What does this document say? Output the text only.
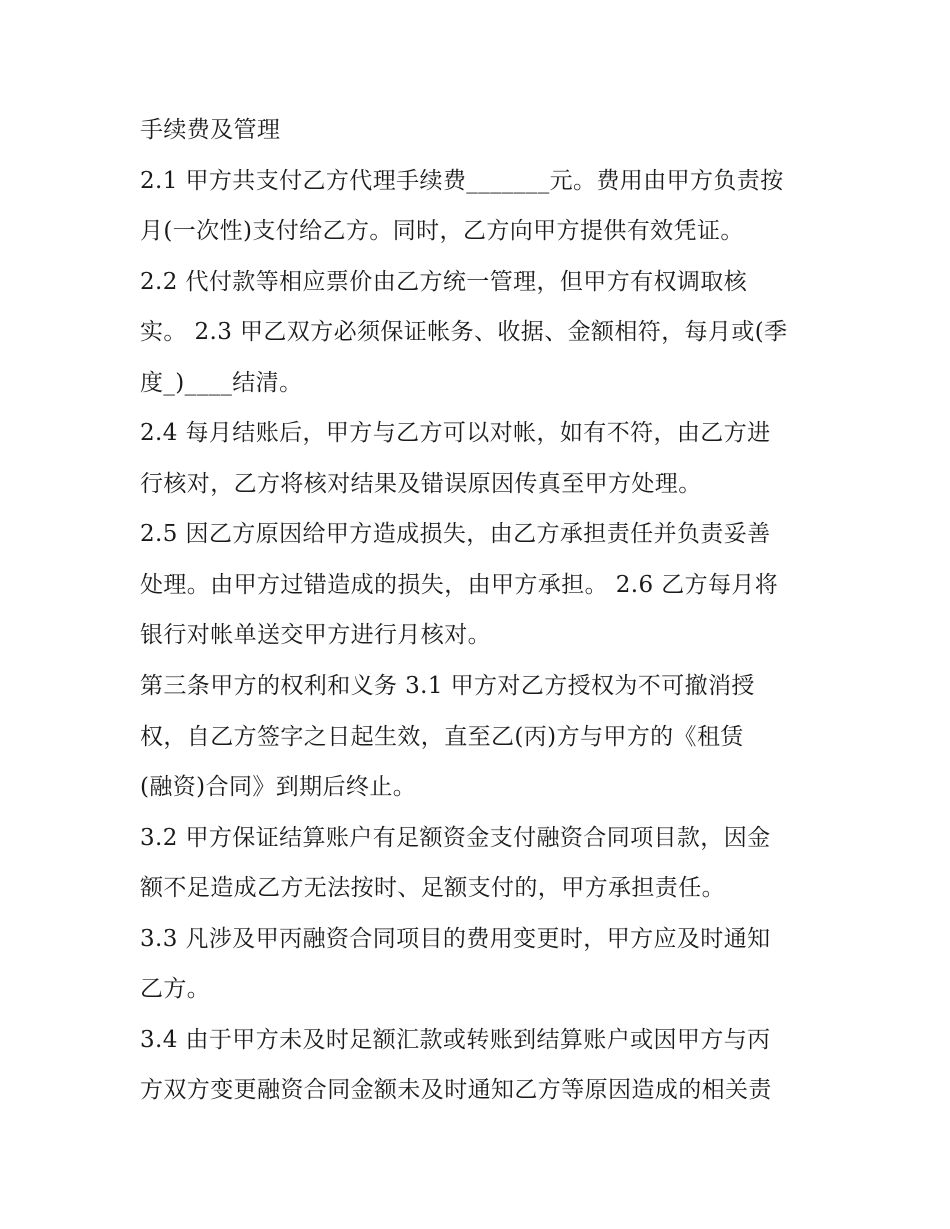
手续费及管理

2.1 甲方共支付乙方代理手续费_______元。费用由甲方负责按

月(一次性)支付给乙方。同时，乙方向甲方提供有效凭证。

2.2 代付款等相应票价由乙方统一管理，但甲方有权调取核

实。 2.3 甲乙双方必须保证帐务、收据、金额相符，每月或(季

度_)____结清。

2.4 每月结账后，甲方与乙方可以对帐，如有不符，由乙方进

行核对，乙方将核对结果及错误原因传真至甲方处理。

2.5 因乙方原因给甲方造成损失，由乙方承担责任并负责妥善

处理。由甲方过错造成的损失，由甲方承担。 2.6 乙方每月将

银行对帐单送交甲方进行月核对。

第三条甲方的权利和义务 3.1 甲方对乙方授权为不可撤消授

权，自乙方签字之日起生效，直至乙(丙)方与甲方的《租赁

(融资)合同》到期后终止。

3.2 甲方保证结算账户有足额资金支付融资合同项目款，因金

额不足造成乙方无法按时、足额支付的，甲方承担责任。

3.3 凡涉及甲丙融资合同项目的费用变更时，甲方应及时通知

乙方。

3.4 由于甲方未及时足额汇款或转账到结算账户或因甲方与丙

方双方变更融资合同金额未及时通知乙方等原因造成的相关责
